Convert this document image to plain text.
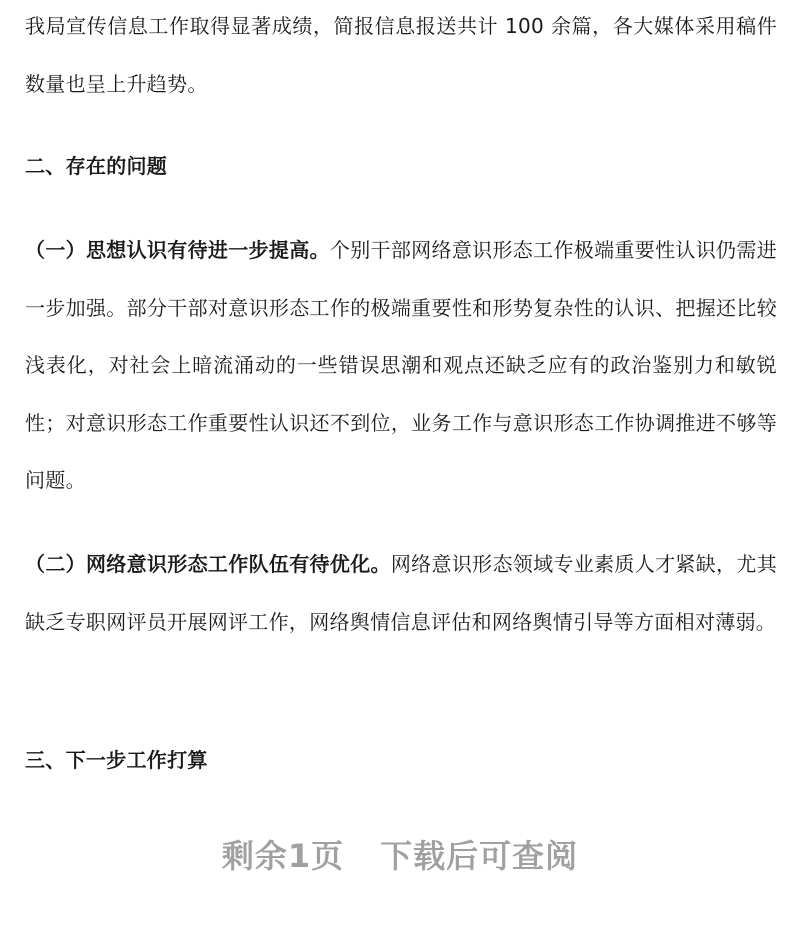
我局宣传信息工作取得显著成绩，简报信息报送共计 100 余篇，各大媒体采用稿件数量也呈上升趋势。

二、存在的问题

（一）思想认识有待进一步提高。个别干部网络意识形态工作极端重要性认识仍需进一步加强。部分干部对意识形态工作的极端重要性和形势复杂性的认识、把握还比较浅表化，对社会上暗流涌动的一些错误思潮和观点还缺乏应有的政治鉴别力和敏锐性；对意识形态工作重要性认识还不到位，业务工作与意识形态工作协调推进不够等问题。

（二）网络意识形态工作队伍有待优化。网络意识形态领域专业素质人才紧缺，尤其缺乏专职网评员开展网评工作，网络舆情信息评估和网络舆情引导等方面相对薄弱。

三、下一步工作打算
剩余1页 下载后可查阅
